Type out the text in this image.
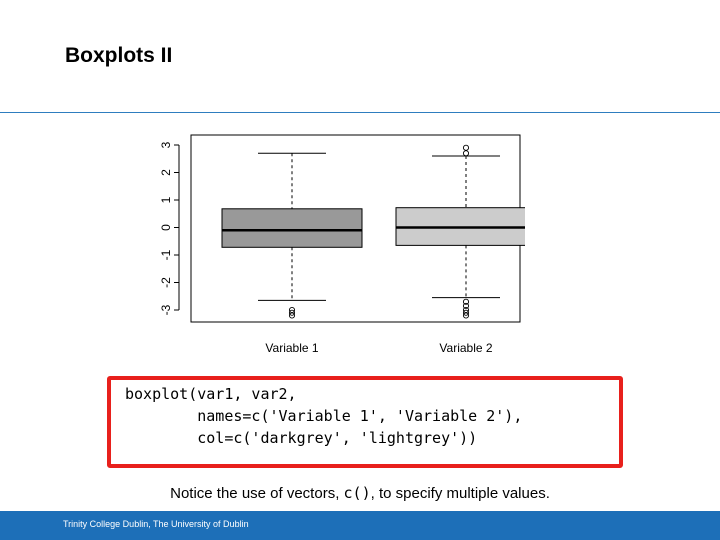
Boxplots II
-3
-2
-1
0
1
2
3
Variable 1	Variable 2
boxplot(var1, var2,
names=c('Variable 1', 'Variable 2'),
col=c('darkgrey', 'lightgrey'))
Notice the use of vectors, c(), to specify multiple values.
Trinity College Dublin, The University of Dublin
